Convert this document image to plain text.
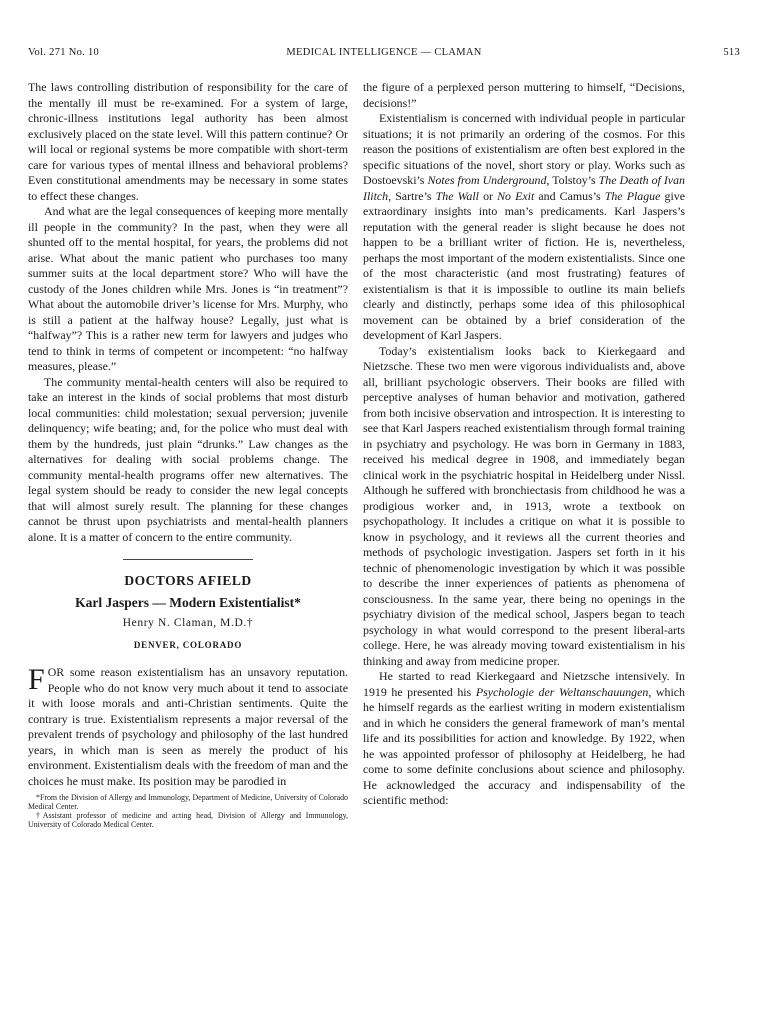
Vol. 271 No. 10	MEDICAL INTELLIGENCE — CLAMAN	513

The laws controlling distribution of responsibility for the care of the mentally ill must be re-examined. For a system of large, chronic-illness institutions legal authority has been almost exclusively placed on the state level. Will this pattern continue? Or will local or regional systems be more compatible with short-term care for various types of mental illness and behavioral problems? Even constitutional amendments may be necessary in some states to effect these changes.

And what are the legal consequences of keeping more mentally ill people in the community? In the past, when they were all shunted off to the mental hospital, for years, the problems did not arise. What about the manic patient who purchases too many summer suits at the local department store? Who will have the custody of the Jones children while Mrs. Jones is “in treatment”? What about the automobile driver’s license for Mrs. Murphy, who is still a patient at the halfway house? Legally, just what is “halfway”? This is a rather new term for lawyers and judges who tend to think in terms of competent or incompetent: “no halfway measures, please.”

The community mental-health centers will also be required to take an interest in the kinds of social problems that most disturb local communities: child molestation; sexual perversion; juvenile delinquency; wife beating; and, for the police who must deal with them by the hundreds, just plain “drunks.” Law changes as the alternatives for dealing with social problems change. The community mental-health programs offer new alternatives. The legal system should be ready to consider the new legal concepts that will almost surely result. The planning for these changes cannot be thrust upon psychiatrists and mental-health planners alone. It is a matter of concern to the entire community.

DOCTORS AFIELD
Karl Jaspers — Modern Existentialist*
Henry N. Claman, M.D.†
DENVER, COLORADO

FOR some reason existentialism has an unsavory reputation. People who do not know very much about it tend to associate it with loose morals and anti-Christian sentiments. Quite the contrary is true. Existentialism represents a major reversal of the prevalent trends of psychology and philosophy of the last hundred years, in which man is seen as merely the product of his environment. Existentialism deals with the freedom of man and the choices he must make. Its position may be parodied in

*From the Division of Allergy and Immunology, Department of Medicine, University of Colorado Medical Center.
†Assistant professor of medicine and acting head, Division of Allergy and Immunology, University of Colorado Medical Center.

the figure of a perplexed person muttering to himself, “Decisions, decisions!”

Existentialism is concerned with individual people in particular situations; it is not primarily an ordering of the cosmos. For this reason the positions of existentialism are often best explored in the specific situations of the novel, short story or play. Works such as Dostoevski’s Notes from Underground, Tolstoy’s The Death of Ivan Ilitch, Sartre’s The Wall or No Exit and Camus’s The Plague give extraordinary insights into man’s predicaments. Karl Jaspers’s reputation with the general reader is slight because he does not happen to be a brilliant writer of fiction. He is, nevertheless, perhaps the most important of the modern existentialists. Since one of the most characteristic (and most frustrating) features of existentialism is that it is impossible to outline its main beliefs clearly and distinctly, perhaps some idea of this philosophical movement can be obtained by a brief consideration of the development of Karl Jaspers.

Today’s existentialism looks back to Kierkegaard and Nietzsche. These two men were vigorous individualists and, above all, brilliant psychologic observers. Their books are filled with perceptive analyses of human behavior and motivation, gathered from both incisive observation and introspection. It is interesting to see that Karl Jaspers reached existentialism through formal training in psychiatry and psychology. He was born in Germany in 1883, received his medical degree in 1908, and immediately began clinical work in the psychiatric hospital in Heidelberg under Nissl. Although he suffered with bronchiectasis from childhood he was a prodigious worker and, in 1913, wrote a textbook on psychopathology. It includes a critique on what it is possible to know in psychology, and it reviews all the current theories and methods of psychologic investigation. Jaspers set forth in it his technic of phenomenologic investigation by which it was possible to describe the inner experiences of patients as phenomena of consciousness. In the same year, there being no openings in the psychiatry division of the medical school, Jaspers began to teach psychology in what would correspond to the present liberal-arts college. Here, he was already moving toward existentialism in his thinking and away from medicine proper.

He started to read Kierkegaard and Nietzsche intensively. In 1919 he presented his Psychologie der Weltanschauungen, which he himself regards as the earliest writing in modern existentialism and in which he considers the general framework of man’s mental life and its possibilities for action and knowledge. By 1922, when he was appointed professor of philosophy at Heidelberg, he had come to some definite conclusions about science and philosophy. He acknowledged the accuracy and indispensability of the scientific method:
